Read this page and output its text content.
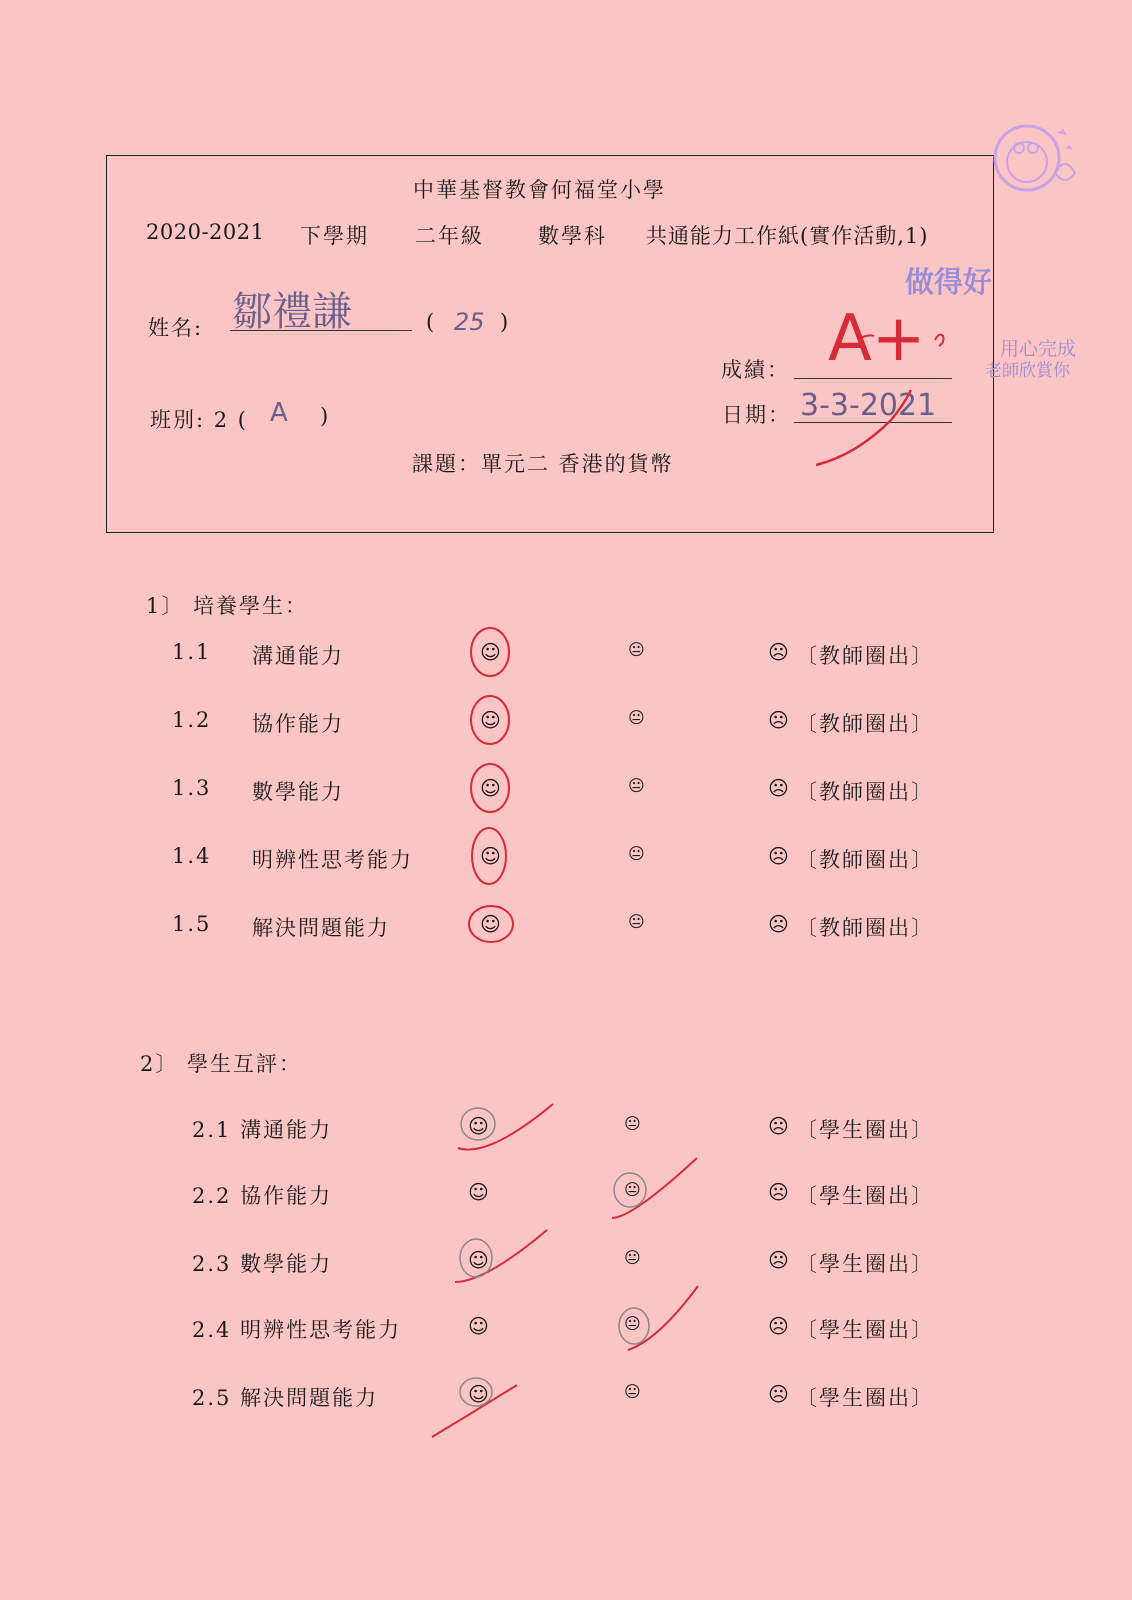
中華基督教會何福堂小學
2020-2021 下學期 二年級	數學科 共通能力工作紙(實作活動,1)
姓名: 鄒禮謙	( 25 )
成績： A+
班別: 2 ( A )	日期： 3-3-2021
課題：單元二 香港的貨幣
做得好
用心完成
老師欣賞你
1〕 培養學生：
1.1 溝通能力	☺	😐	☹ 〔教師圈出〕
1.2 協作能力	☺	😐	☹ 〔教師圈出〕
1.3 數學能力	☺	😐	☹ 〔教師圈出〕
1.4 明辨性思考能力	☺	😐	☹ 〔教師圈出〕
1.5 解決問題能力	☺	😐	☹ 〔教師圈出〕
2〕 學生互評：
2.1 溝通能力	☺	😐	☹ 〔學生圈出〕
2.2 協作能力	☺	😐	☹ 〔學生圈出〕
2.3 數學能力	☺	😐	☹ 〔學生圈出〕
2.4 明辨性思考能力	☺	😐	☹ 〔學生圈出〕
2.5 解決問題能力	☺	😐	☹ 〔學生圈出〕
